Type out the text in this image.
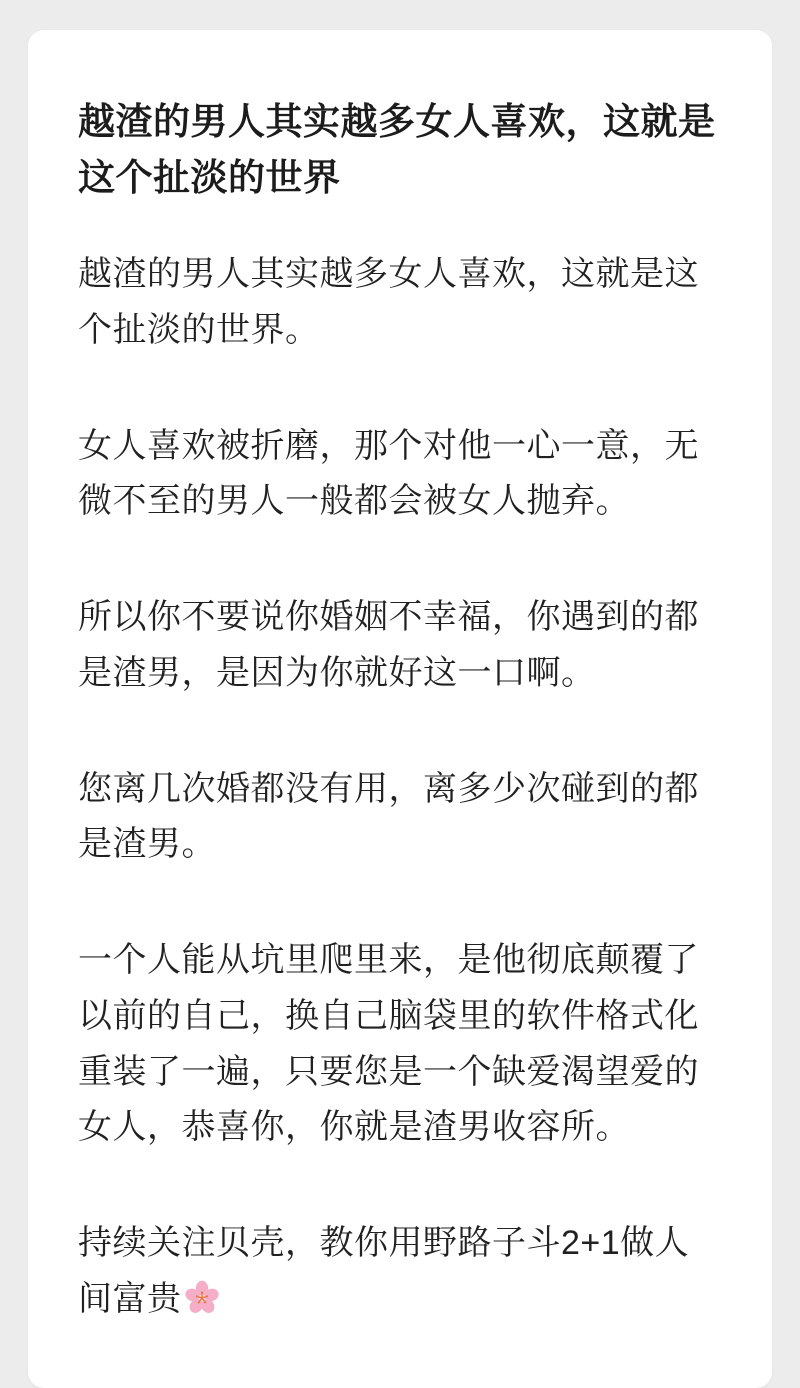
越渣的男人其实越多女人喜欢，这就是这个扯淡的世界

越渣的男人其实越多女人喜欢，这就是这个扯淡的世界。

女人喜欢被折磨，那个对他一心一意，无微不至的男人一般都会被女人抛弃。

所以你不要说你婚姻不幸福，你遇到的都是渣男，是因为你就好这一口啊。

您离几次婚都没有用，离多少次碰到的都是渣男。

一个人能从坑里爬里来，是他彻底颠覆了以前的自己，换自己脑袋里的软件格式化重装了一遍，只要您是一个缺爱渴望爱的女人，恭喜你，你就是渣男收容所。

持续关注贝壳，教你用野路子斗2+1做人间富贵
